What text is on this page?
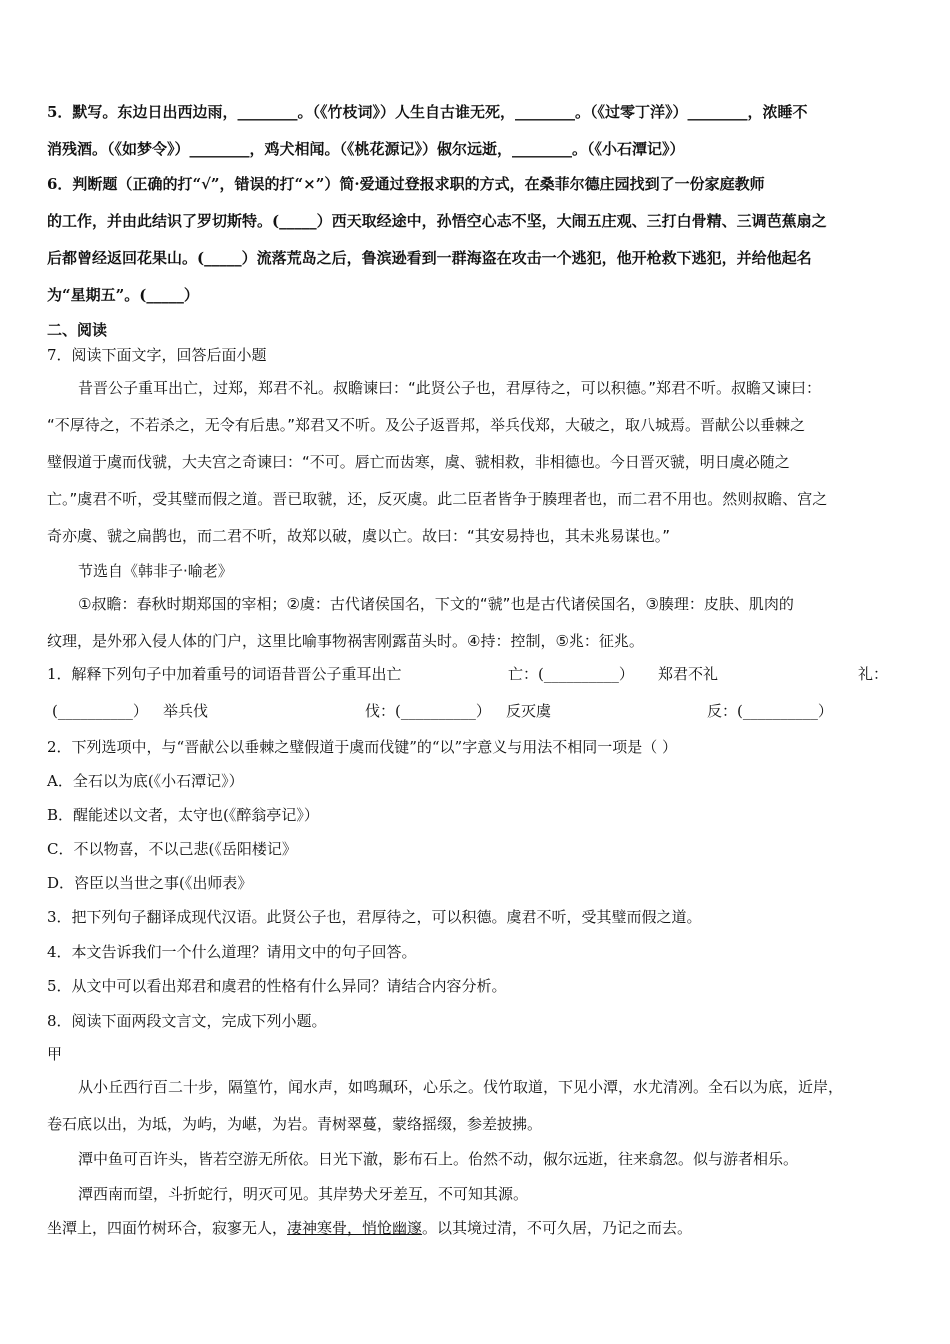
5．默写。东边日出西边雨，________。（《竹枝词》）人生自古谁无死，________。（《过零丁洋》）________，浓睡不
消残酒。（《如梦令》）________，鸡犬相闻。（《桃花源记》）俶尔远逝，________。（《小石潭记》）
6．判断题（正确的打“√”，错误的打“×”）简·爱通过登报求职的方式，在桑菲尔德庄园找到了一份家庭教师
的工作，并由此结识了罗切斯特。(_____）西天取经途中，孙悟空心志不坚，大闹五庄观、三打白骨精、三调芭蕉扇之
后都曾经返回花果山。(_____）流落荒岛之后，鲁滨逊看到一群海盗在攻击一个逃犯，他开枪救下逃犯，并给他起名
为“星期五”。(_____）
二、阅读
7．阅读下面文字，回答后面小题
昔晋公子重耳出亡，过郑，郑君不礼。叔瞻谏曰：“此贤公子也，君厚待之，可以积德。”郑君不听。叔瞻又谏曰：
“不厚待之，不若杀之，无令有后患。”郑君又不听。及公子返晋邦，举兵伐郑，大破之，取八城焉。晋献公以垂棘之
璧假道于虞而伐虢，大夫宫之奇谏曰：“不可。唇亡而齿寒，虞、虢相救，非相德也。今日晋灭虢，明日虞必随之
亡。”虞君不听，受其璧而假之道。晋已取虢，还，反灭虞。此二臣者皆争于腠理者也，而二君不用也。然则叔瞻、宫之
奇亦虞、虢之扁鹊也，而二君不听，故郑以破，虞以亡。故曰：“其安易持也，其未兆易谋也。”
节选自《韩非子·喻老》
①叔瞻：春秋时期郑国的宰相；②虞：古代诸侯国名，下文的“虢”也是古代诸侯国名，③腠理：皮肤、肌肉的
纹理，是外邪入侵人体的门户，这里比喻事物祸害刚露苗头时。④持：控制，⑤兆：征兆。
1．解释下列句子中加着重号的词语昔晋公子重耳出亡	亡：(__________） 郑君不礼	礼：
(__________） 举兵伐	伐：(__________） 反灭虞	反：(__________）
2．下列选项中，与“晋献公以垂棘之璧假道于虞而伐键”的“以”字意义与用法不相同一项是（ ）
A．全石以为底(《小石潭记》）
B．醒能述以文者，太守也(《醉翁亭记》）
C．不以物喜，不以己悲(《岳阳楼记》
D．咨臣以当世之事(《出师表》
3．把下列句子翻译成现代汉语。此贤公子也，君厚待之，可以积德。虞君不听，受其璧而假之道。
4．本文告诉我们一个什么道理？请用文中的句子回答。
5．从文中可以看出郑君和虞君的性格有什么异同？请结合内容分析。
8．阅读下面两段文言文，完成下列小题。
甲
从小丘西行百二十步，隔篁竹，闻水声，如鸣珮环，心乐之。伐竹取道，下见小潭，水尤清冽。全石以为底，近岸，
卷石底以出，为坻，为屿，为嵁，为岩。青树翠蔓，蒙络摇缀，参差披拂。
潭中鱼可百许头，皆若空游无所依。日光下澈，影布石上。佁然不动，俶尔远逝，往来翕忽。似与游者相乐。
潭西南而望，斗折蛇行，明灭可见。其岸势犬牙差互，不可知其源。
坐潭上，四面竹树环合，寂寥无人，凄神寒骨，悄怆幽邃。以其境过清，不可久居，乃记之而去。
